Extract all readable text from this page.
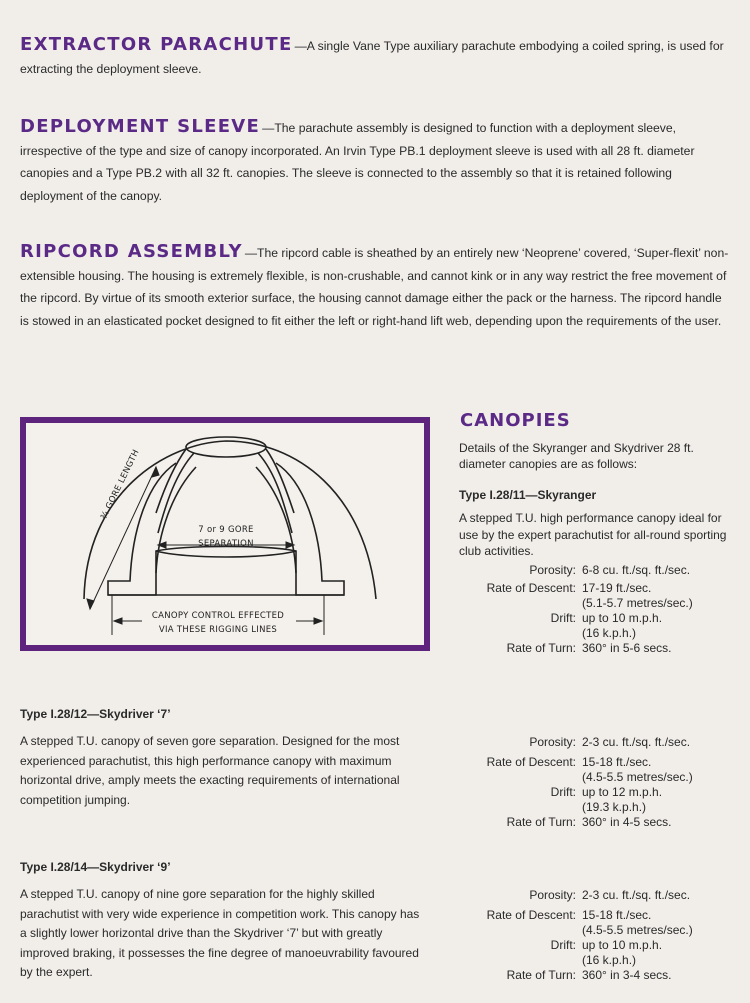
EXTRACTOR PARACHUTE —A single Vane Type auxiliary parachute embodying a coiled spring, is used for extracting the deployment sleeve.
DEPLOYMENT SLEEVE —The parachute assembly is designed to function with a deployment sleeve, irrespective of the type and size of canopy incorporated. An Irvin Type PB.1 deployment sleeve is used with all 28 ft. diameter canopies and a Type PB.2 with all 32 ft. canopies. The sleeve is connected to the assembly so that it is retained following deployment of the canopy.
RIPCORD ASSEMBLY —The ripcord cable is sheathed by an entirely new ‘Neoprene’ covered, ‘Super-flexit’ non-extensible housing. The housing is extremely flexible, is non-crushable, and cannot kink or in any way restrict the free movement of the ripcord. By virtue of its smooth exterior surface, the housing cannot damage either the pack or the harness. The ripcord handle is stowed in an elasticated pocket designed to fit either the left or right-hand lift web, depending upon the requirements of the user.
¾ GORE LENGTH
7 or 9 GORE
SEPARATION
CANOPY CONTROL EFFECTED
VIA THESE RIGGING LINES
CANOPIES
Details of the Skyranger and Skydriver 28 ft. diameter canopies are as follows:
Type I.28/11—Skyranger
A stepped T.U. high performance canopy ideal for use by the expert parachutist for all-round sporting club activities.
Porosity: 6-8 cu. ft./sq. ft./sec.
Rate of Descent: 17-19 ft./sec.
(5.1-5.7 metres/sec.)
Drift: up to 10 m.p.h.
(16 k.p.h.)
Rate of Turn: 360° in 5-6 secs.
Type I.28/12—Skydriver ‘7’
A stepped T.U. canopy of seven gore separation. Designed for the most experienced parachutist, this high performance canopy with maximum horizontal drive, amply meets the exacting requirements of international competition jumping.
Porosity: 2-3 cu. ft./sq. ft./sec.
Rate of Descent: 15-18 ft./sec.
(4.5-5.5 metres/sec.)
Drift: up to 12 m.p.h.
(19.3 k.p.h.)
Rate of Turn: 360° in 4-5 secs.
Type I.28/14—Skydriver ‘9’
A stepped T.U. canopy of nine gore separation for the highly skilled parachutist with very wide experience in competition work. This canopy has a slightly lower horizontal drive than the Skydriver ‘7’ but with greatly improved braking, it possesses the fine degree of manoeuvrability favoured by the expert.
Porosity: 2-3 cu. ft./sq. ft./sec.
Rate of Descent: 15-18 ft./sec.
(4.5-5.5 metres/sec.)
Drift: up to 10 m.p.h.
(16 k.p.h.)
Rate of Turn: 360° in 3-4 secs.
